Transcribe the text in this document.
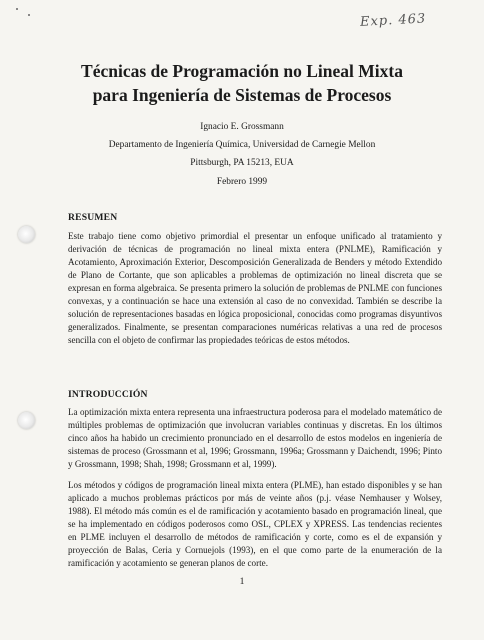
Exp. 463
Técnicas de Programación no Lineal Mixta
para Ingeniería de Sistemas de Procesos
Ignacio E. Grossmann
Departamento de Ingeniería Química, Universidad de Carnegie Mellon
Pittsburgh, PA 15213, EUA
Febrero 1999
RESUMEN

Este trabajo tiene como objetivo primordial el presentar un enfoque unificado al tratamiento y derivación de técnicas de programación no lineal mixta entera (PNLME), Ramificación y Acotamiento, Aproximación Exterior, Descomposición Generalizada de Benders y método Extendido de Plano de Cortante, que son aplicables a problemas de optimización no lineal discreta que se expresan en forma algebraica. Se presenta primero la solución de problemas de PNLME con funciones convexas, y a continuación se hace una extensión al caso de no convexidad. También se describe la solución de representaciones basadas en lógica proposicional, conocidas como programas disyuntivos generalizados. Finalmente, se presentan comparaciones numéricas relativas a una red de procesos sencilla con el objeto de confirmar las propiedades teóricas de estos métodos.

INTRODUCCIÓN

La optimización mixta entera representa una infraestructura poderosa para el modelado matemático de múltiples problemas de optimización que involucran variables continuas y discretas. En los últimos cinco años ha habido un crecimiento pronunciado en el desarrollo de estos modelos en ingeniería de sistemas de proceso (Grossmann et al, 1996; Grossmann, 1996a; Grossmann y Daichendt, 1996; Pinto y Grossmann, 1998; Shah, 1998; Grossmann et al, 1999).

Los métodos y códigos de programación lineal mixta entera (PLME), han estado disponibles y se han aplicado a muchos problemas prácticos por más de veinte años (p.j. véase Nemhauser y Wolsey, 1988). El método más común es el de ramificación y acotamiento basado en programación lineal, que se ha implementado en códigos poderosos como OSL, CPLEX y XPRESS. Las tendencias recientes en PLME incluyen el desarrollo de métodos de ramificación y corte, como es el de expansión y proyección de Balas, Ceria y Cornuejols (1993), en el que como parte de la enumeración de la ramificación y acotamiento se generan planos de corte.

1
